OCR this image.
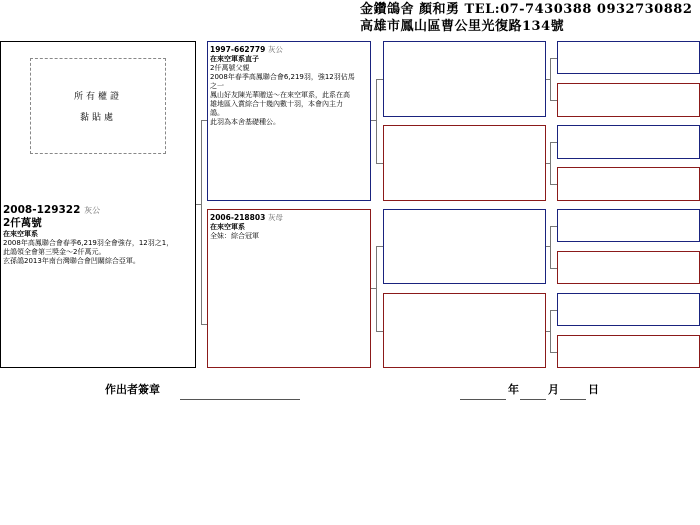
金鑽鴿舍 顏和勇 TEL:07-7430388 0932730882
高雄市鳳山區曹公里光復路134號
所有權證
黏貼處
2008-129322 灰公
2仟萬號
在來空軍系
2008年高鳳聯合會春季6,219羽全會強存，12羽之1，
此鴿領全會第三獎金～2仟萬元。
玄孫鴿2013年南台灣聯合會凹關綜合亞軍。
1997-662779 灰公
在來空軍系直子
2仟萬號父親
2008年春季高鳳聯合會6,219羽，強12羽佔馬
之一
鳳山好友陳光華贈送～在來空軍系，此系在高
雄地區入賞綜合十幾內數十羽，本會內主力
鴿。
此羽為本舍基礎種公。
2006-218803 灰母
在來空軍系
全妹：綜合冠軍
作出者簽章	年	月	日
